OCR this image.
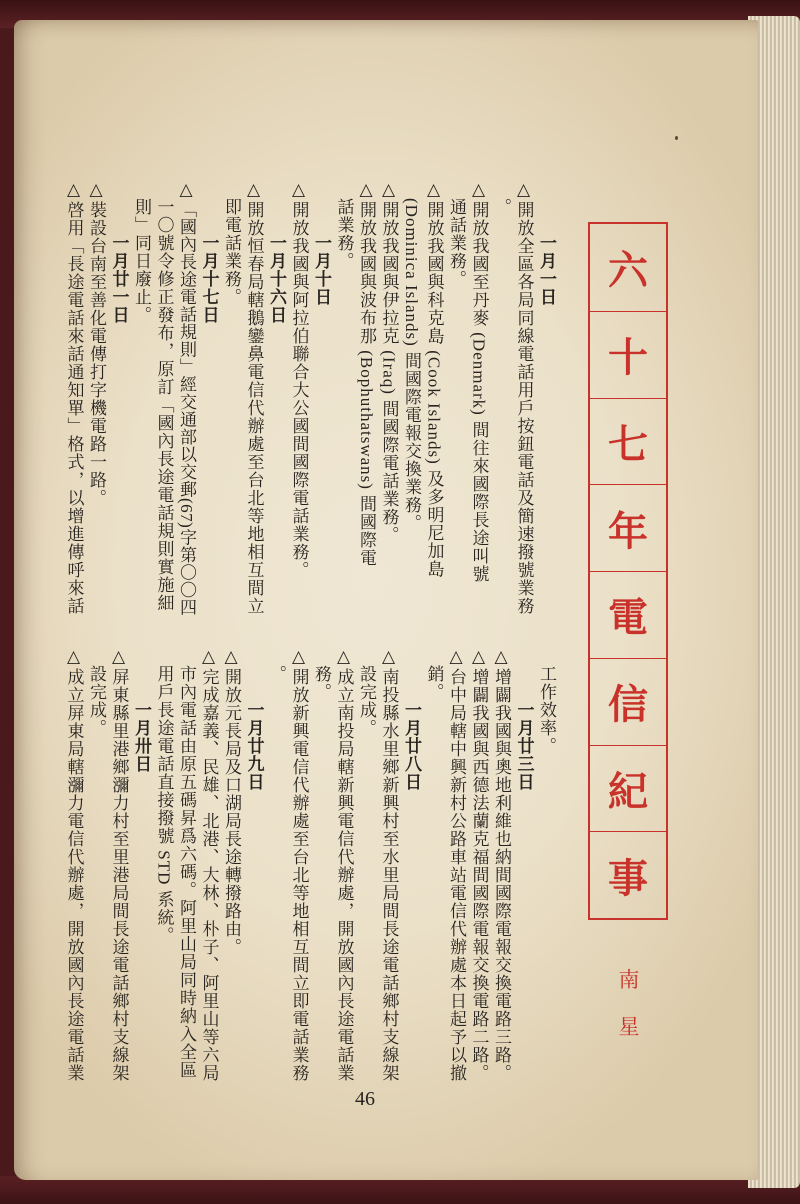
一月一日
△開放全區各局同線電話用戶按鈕電話及簡速撥號業務
。
△開放我國至丹麥 (Denmark) 間往來國際長途叫號
通話業務。
△開放我國與科克島 (Cook Islands) 及多明尼加島
(Dominica Islands) 間國際電報交換業務。
△開放我國與伊拉克 (Iraq) 間國際電話業務。
△開放我國與波布那 (Bophuthatswans) 間國際電
話業務。
一月十日
△開放我國與阿拉伯聯合大公國間國際電話業務。
一月十六日
△開放恒春局轄鵝鑾鼻電信代辦處至台北等地相互間立
即電話業務。
一月十七日
△「國內長途電話規則」經交通部以交郵(67)字第〇〇四
一〇號令修正發布，原訂「國內長途電話規則實施細
則」同日廢止。
一月廿一日
△裝設台南至善化電傳打字機電路一路。
△啓用「長途電話來話通知單」格式，以增進傳呼來話
工作效率。
一月廿三日
△增闢我國與奧地利維也納間國際電報交換電路三路。
△增闢我國與西德法蘭克福間國際電報交換電路二路。
△台中局轄中興新村公路車站電信代辦處本日起予以撤
銷。
一月廿八日
△南投縣水里鄉新興村至水里局間長途電話鄉村支線架
設完成。
△成立南投局轄新興電信代辦處，開放國內長途電話業
務。
△開放新興電信代辦處至台北等地相互間立即電話業務
。
一月廿九日
△開放元長局及口湖局長途轉撥路由。
△完成嘉義、民雄、北港、大林、朴子、阿里山等六局
市內電話由原五碼昇爲六碼。阿里山局同時納入全區
用戶長途電話直接撥號 STD 系統。
一月卅日
△屏東縣里港鄉瀰力村至里港局間長途電話鄉村支線架
設完成。
△成立屏東局轄瀰力電信代辦處，開放國內長途電話業
六
十
七
年
電
信
紀
事
南
星
46
